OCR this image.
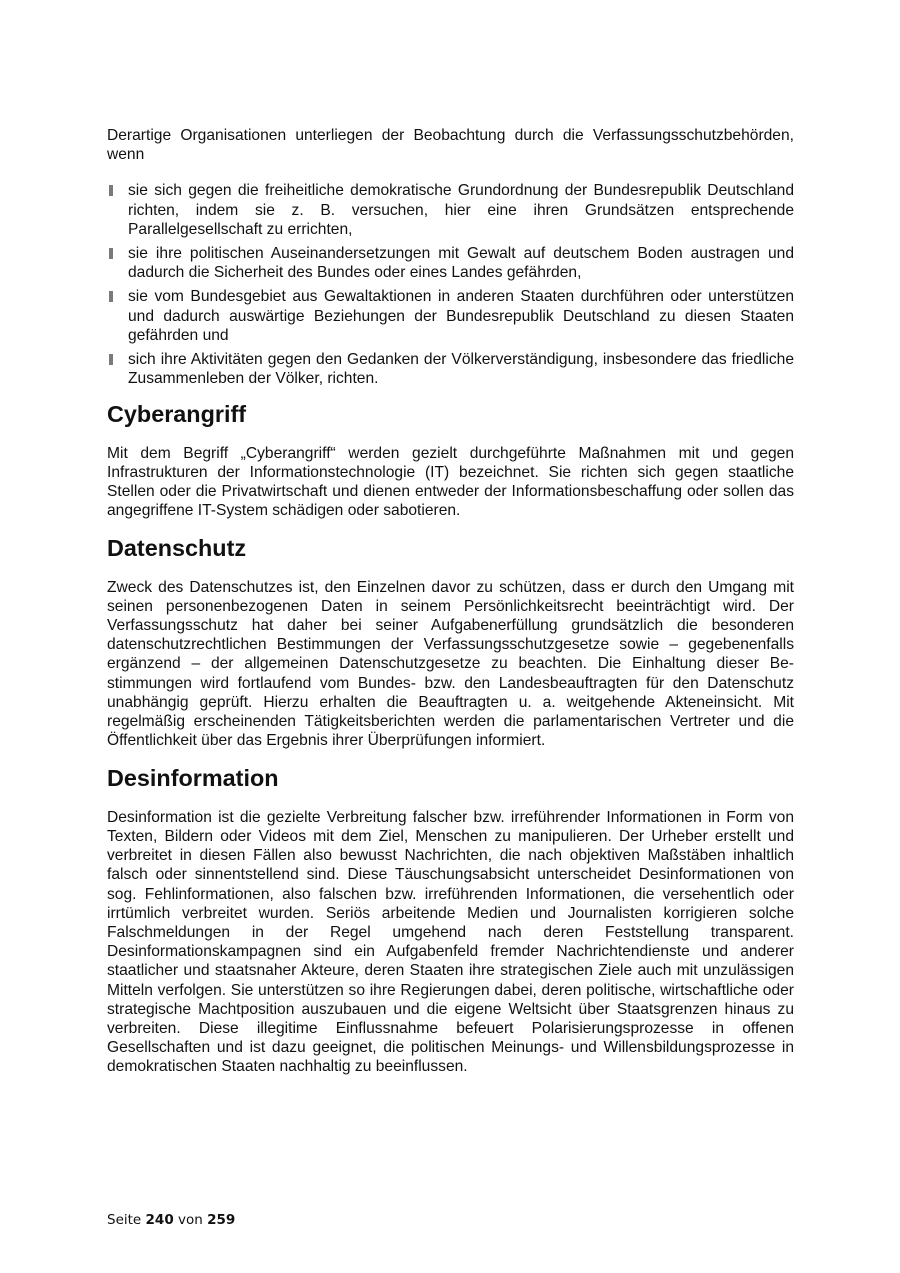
Derartige Organisationen unterliegen der Beobachtung durch die Verfassungsschutzbehörden, wenn

sie sich gegen die freiheitliche demokratische Grundordnung der Bundesrepublik Deutschland richten, indem sie z. B. versuchen, hier eine ihren Grundsätzen entsprechende Parallelgesellschaft zu errichten,
sie ihre politischen Auseinandersetzungen mit Gewalt auf deutschem Boden austragen und dadurch die Sicherheit des Bundes oder eines Landes gefährden,
sie vom Bundesgebiet aus Gewaltaktionen in anderen Staaten durchführen oder unterstützen und dadurch auswärtige Beziehungen der Bundesrepublik Deutschland zu diesen Staaten gefährden und
sich ihre Aktivitäten gegen den Gedanken der Völkerverständigung, insbesondere das friedliche Zusammenleben der Völker, richten.
Cyberangriff

Mit dem Begriff „Cyberangriff“ werden gezielt durchgeführte Maßnahmen mit und gegen Infrastrukturen der Informationstechnologie (IT) bezeichnet. Sie richten sich gegen staatliche Stellen oder die Privatwirtschaft und dienen entweder der Informationsbeschaffung oder sollen das angegriffene IT-System schädigen oder sabotieren.

Datenschutz

Zweck des Datenschutzes ist, den Einzelnen davor zu schützen, dass er durch den Umgang mit seinen personenbezogenen Daten in seinem Persönlichkeitsrecht beeinträchtigt wird. Der Verfassungsschutz hat daher bei seiner Aufgabenerfüllung grundsätzlich die besonderen datenschutzrechtlichen Bestimmungen der Verfassungsschutzgesetze sowie – gegebenenfalls ergänzend – der allgemeinen Datenschutzgesetze zu beachten. Die Einhaltung dieser Be-stimmungen wird fortlaufend vom Bundes- bzw. den Landesbeauftragten für den Datenschutz unabhängig geprüft. Hierzu erhalten die Beauftragten u. a. weitgehende Akteneinsicht. Mit regelmäßig erscheinenden Tätigkeitsberichten werden die parlamentarischen Vertreter und die Öffentlichkeit über das Ergebnis ihrer Überprüfungen informiert.

Desinformation

Desinformation ist die gezielte Verbreitung falscher bzw. irreführender Informationen in Form von Texten, Bildern oder Videos mit dem Ziel, Menschen zu manipulieren. Der Urheber erstellt und verbreitet in diesen Fällen also bewusst Nachrichten, die nach objektiven Maßstäben inhaltlich falsch oder sinnentstellend sind. Diese Täuschungsabsicht unterscheidet Desinformationen von sog. Fehlinformationen, also falschen bzw. irreführenden Informationen, die versehentlich oder irrtümlich verbreitet wurden. Seriös arbeitende Medien und Journalisten korrigieren solche Falschmeldungen in der Regel umgehend nach deren Feststellung transparent. Desinformationskampagnen sind ein Aufgabenfeld fremder Nachrichtendienste und anderer staatlicher und staatsnaher Akteure, deren Staaten ihre strategischen Ziele auch mit unzulässigen Mitteln verfolgen. Sie unterstützen so ihre Regierungen dabei, deren politische, wirtschaftliche oder strategische Machtposition auszubauen und die eigene Weltsicht über Staatsgrenzen hinaus zu verbreiten. Diese illegitime Einflussnahme befeuert Polarisierungsprozesse in offenen Gesellschaften und ist dazu geeignet, die politischen Meinungs- und Willensbildungsprozesse in demokratischen Staaten nachhaltig zu beeinflussen.

Seite 240 von 259
